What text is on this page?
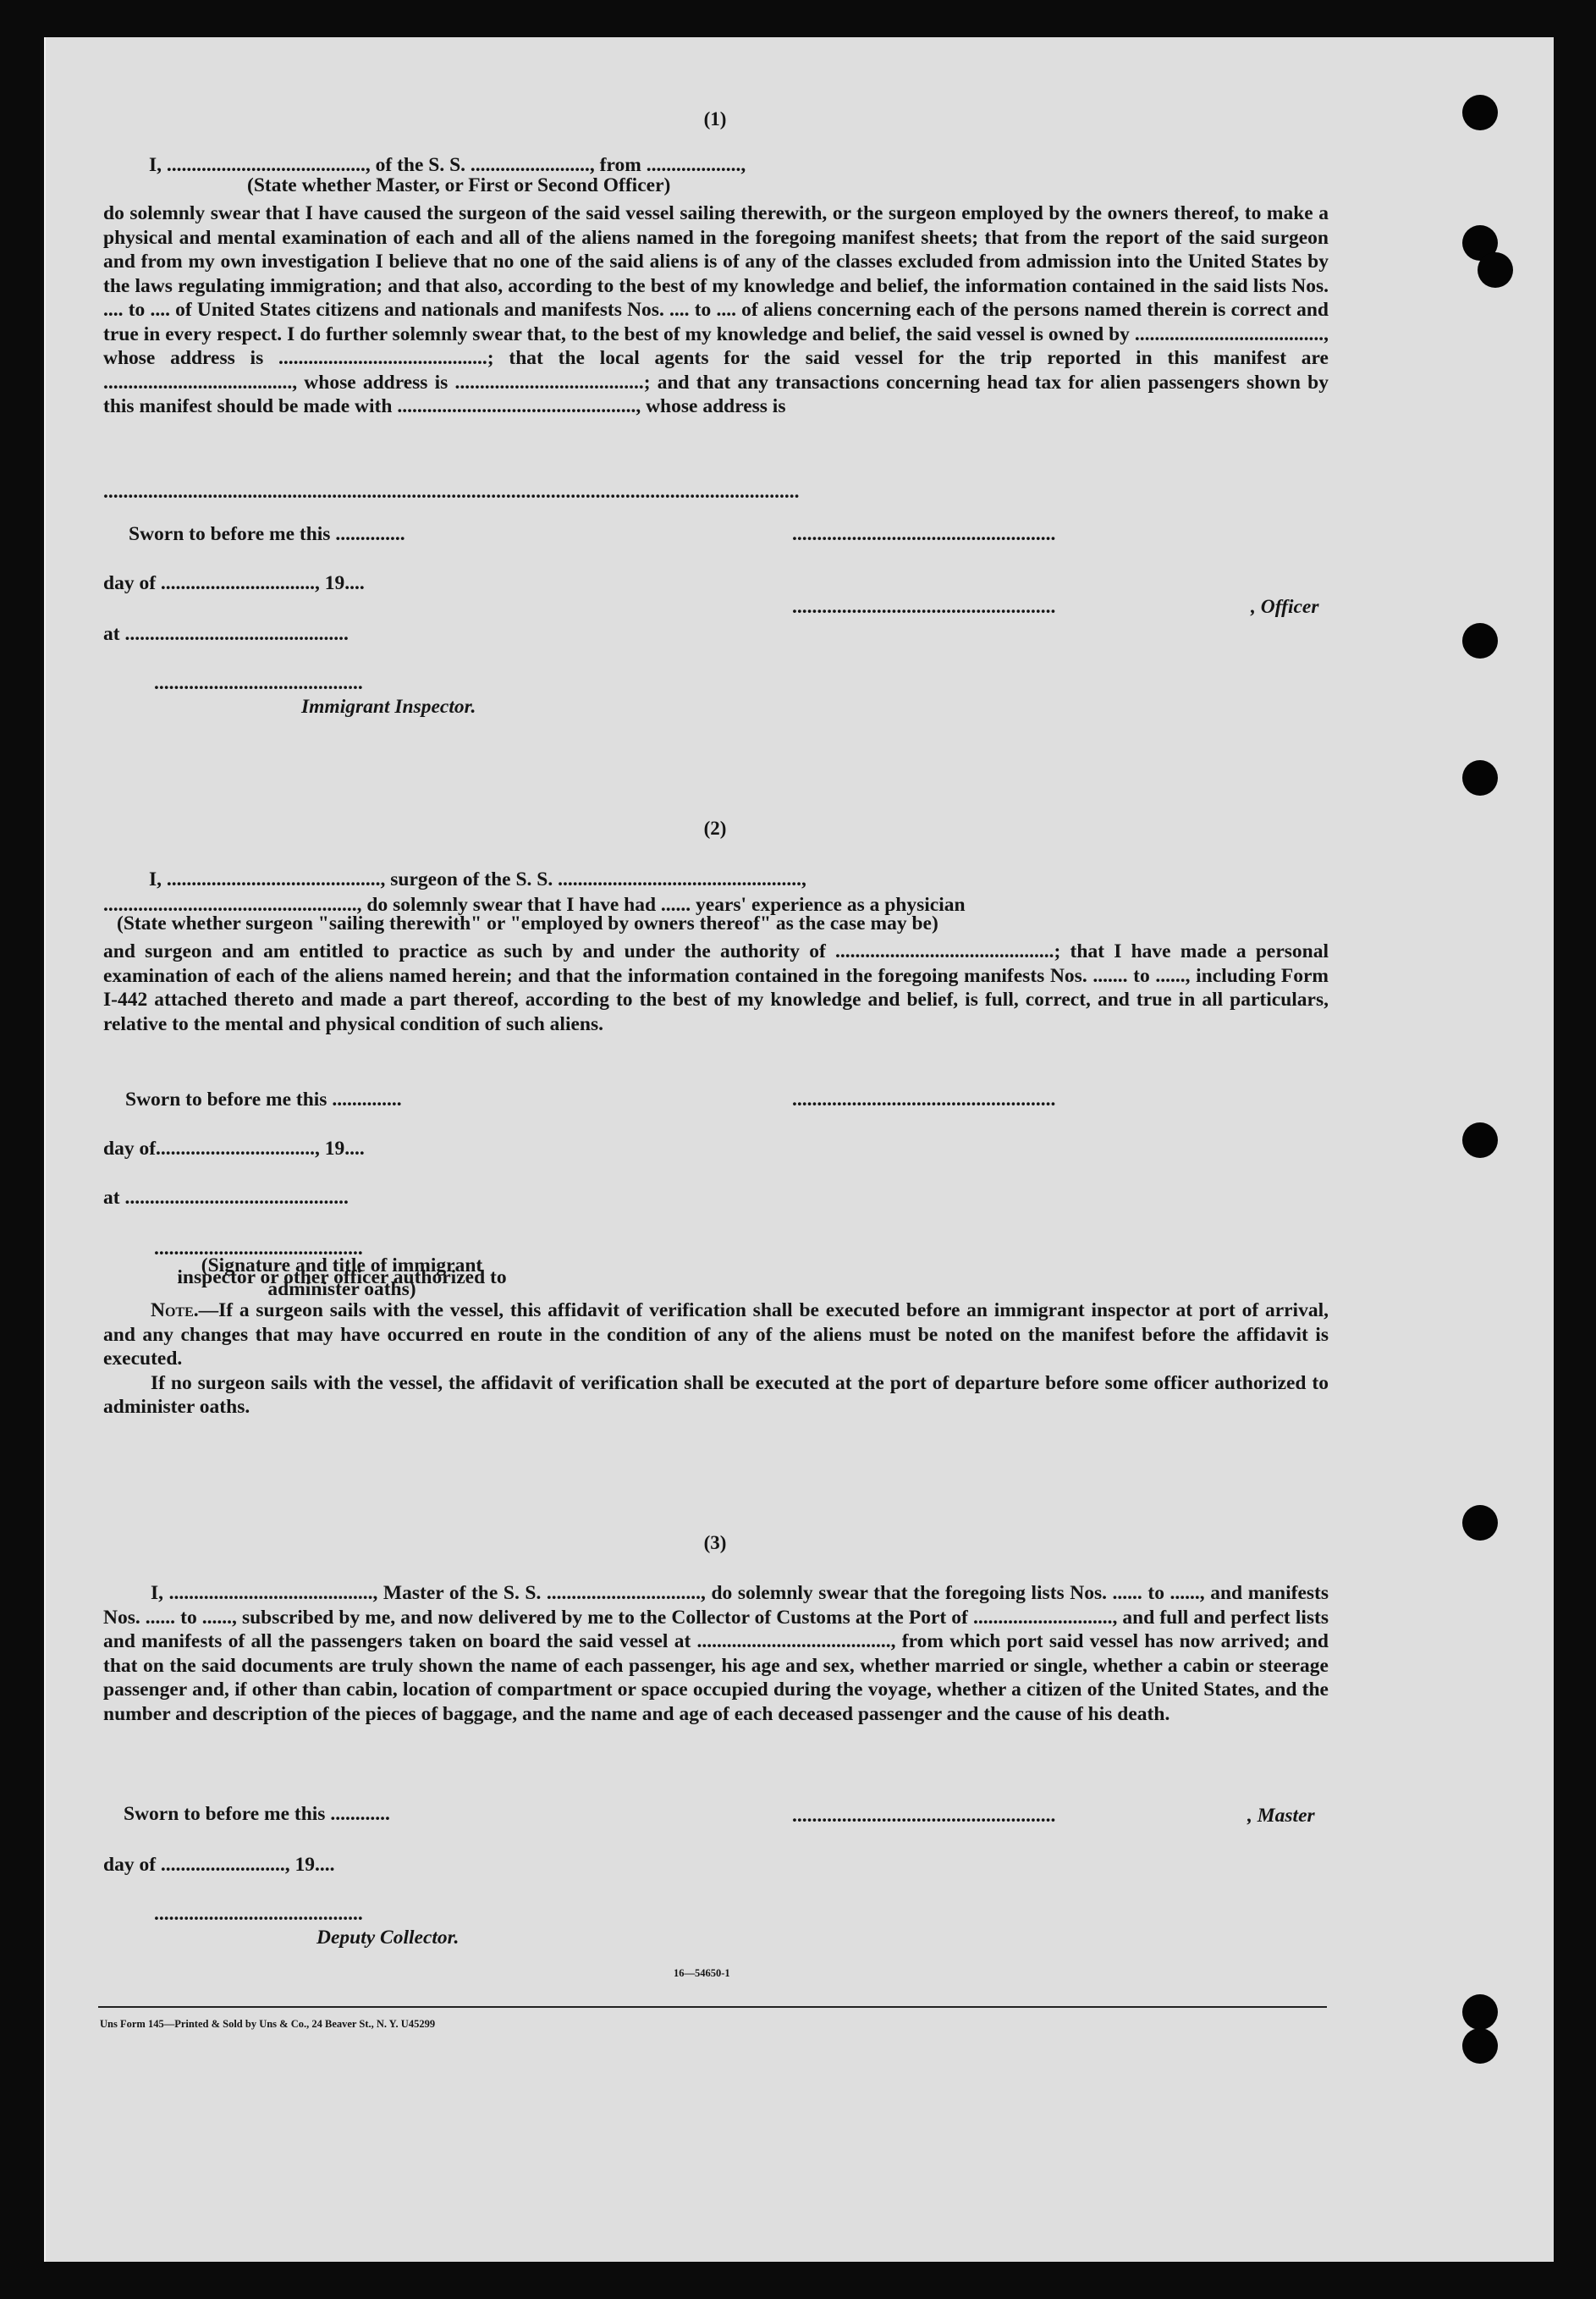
(1)
I, ........................................, of the S. S. ........................, from ...................,
(State whether Master, or First or Second Officer)

do solemnly swear that I have caused the surgeon of the said vessel sailing therewith, or the surgeon employed by the owners thereof, to make a physical and mental examination of each and all of the aliens named in the foregoing manifest sheets; that from the report of the said surgeon and from my own investigation I believe that no one of the said aliens is of any of the classes excluded from admission into the United States by the laws regulating immigration; and that also, according to the best of my knowledge and belief, the information contained in the said lists Nos. .... to .... of United States citizens and nationals and manifests Nos. .... to .... of aliens concerning each of the persons named therein is correct and true in every respect. I do further solemnly swear that, to the best of my knowledge and belief, the said vessel is owned by ......................................, whose address is ..........................................; that the local agents for the said vessel for the trip reported in this manifest are ......................................, whose address is ......................................; and that any transactions concerning head tax for alien passengers shown by this manifest should be made with ................................................, whose address is

............................................................................................................................................
Sworn to before me this ..............	.....................................................
day of ..............................., 19....
.....................................................	, Officer
at .............................................
..........................................
Immigrant Inspector.
(2)
I, ..........................................., surgeon of the S. S. .................................................,
..................................................., do solemnly swear that I have had ...... years' experience as a physician
(State whether surgeon "sailing therewith" or "employed by owners thereof" as the case may be)

and surgeon and am entitled to practice as such by and under the authority of ............................................; that I have made a personal examination of each of the aliens named herein; and that the information contained in the foregoing manifests Nos. ....... to ......, including Form I-442 attached thereto and made a part thereof, according to the best of my knowledge and belief, is full, correct, and true in all particulars, relative to the mental and physical condition of such aliens.

Sworn to before me this ..............	.....................................................
day of................................, 19....
at .............................................
..........................................
(Signature and title of immigrant inspector or other officer authorized to administer oaths)

Note.—If a surgeon sails with the vessel, this affidavit of verification shall be executed before an immigrant inspector at port of arrival, and any changes that may have occurred en route in the condition of any of the aliens must be noted on the manifest before the affidavit is executed.

If no surgeon sails with the vessel, the affidavit of verification shall be executed at the port of departure before some officer authorized to administer oaths.

(3)

I, ........................................., Master of the S. S. ..............................., do solemnly swear that the foregoing lists Nos. ...... to ......, and manifests Nos. ...... to ......, subscribed by me, and now delivered by me to the Collector of Customs at the Port of ............................, and full and perfect lists and manifests of all the passengers taken on board the said vessel at ......................................., from which port said vessel has now arrived; and that on the said documents are truly shown the name of each passenger, his age and sex, whether married or single, whether a cabin or steerage passenger and, if other than cabin, location of compartment or space occupied during the voyage, whether a citizen of the United States, and the number and description of the pieces of baggage, and the name and age of each deceased passenger and the cause of his death.

Sworn to before me this ............	.....................................................	, Master
day of ........................., 19....
..........................................
Deputy Collector.
16—54650-1
Uns Form 145—Printed & Sold by Uns & Co., 24 Beaver St., N. Y. U45299
